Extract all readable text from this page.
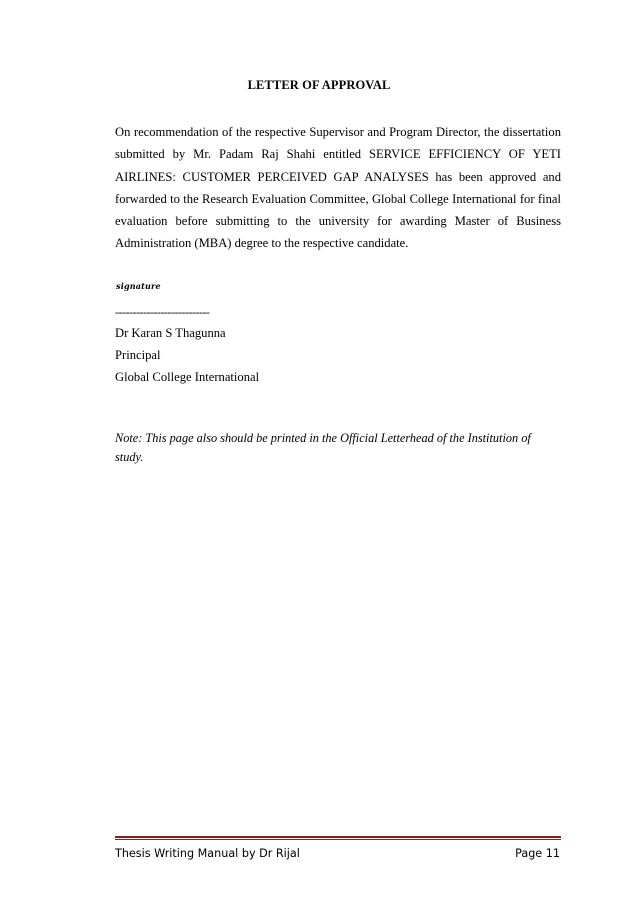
LETTER OF APPROVAL

On recommendation of the respective Supervisor and Program Director, the dissertation submitted by Mr. Padam Raj Shahi entitled SERVICE EFFICIENCY OF YETI AIRLINES: CUSTOMER PERCEIVED GAP ANALYSES has been approved and forwarded to the Research Evaluation Committee, Global College International for final evaluation before submitting to the university for awarding Master of Business Administration (MBA) degree to the respective candidate.

signature
---------------------------
Dr Karan S Thagunna
Principal
Global College International

Note: This page also should be printed in the Official Letterhead of the Institution of study.

Thesis Writing Manual by Dr Rijal	Page 11
